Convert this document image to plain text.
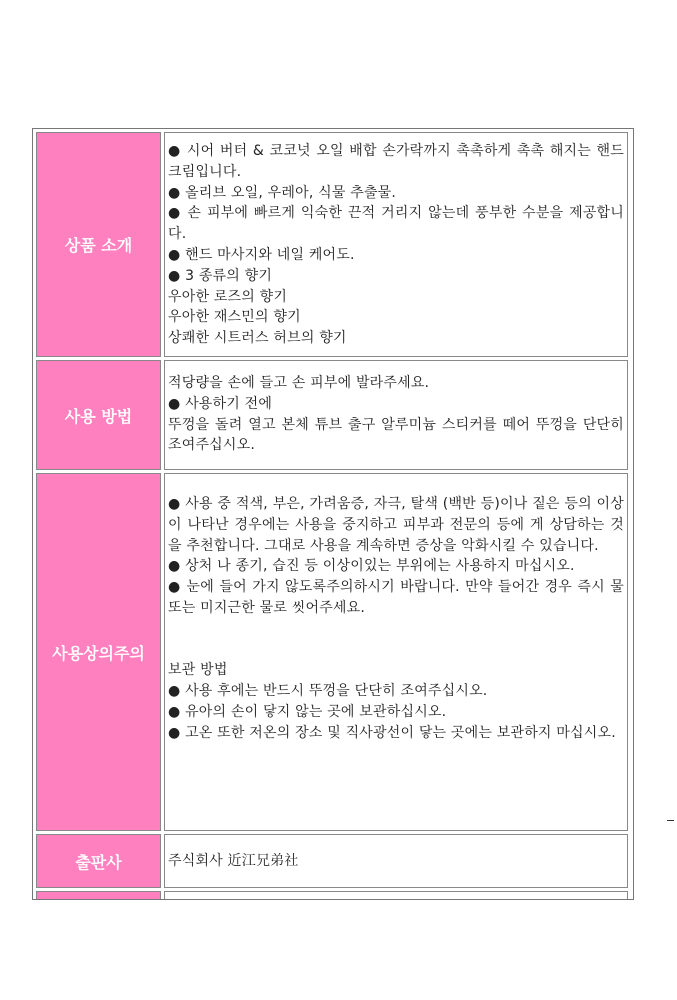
상품 소개

● 시어 버터 & 코코넛 오일 배합 손가락까지 촉촉하게 촉촉 해지는 핸드 크림입니다.

● 올리브 오일, 우레아, 식물 추출물.

● 손 피부에 빠르게 익숙한 끈적 거리지 않는데 풍부한 수분을 제공합니다.

● 핸드 마사지와 네일 케어도.

● 3 종류의 향기

우아한 로즈의 향기

우아한 재스민의 향기

상쾌한 시트러스 허브의 향기

사용 방법

적당량을 손에 들고 손 피부에 발라주세요.

● 사용하기 전에

뚜껑을 돌려 열고 본체 튜브 출구 알루미늄 스티커를 떼어 뚜껑을 단단히 조여주십시오.

사용상의주의

● 사용 중 적색, 부은, 가려움증, 자극, 탈색 (백반 등)이나 짙은 등의 이상이 나타난 경우에는 사용을 중지하고 피부과 전문의 등에 게 상담하는 것을 추천합니다. 그대로 사용을 계속하면 증상을 악화시킬 수 있습니다.

● 상처 나 종기, 습진 등 이상이있는 부위에는 사용하지 마십시오.

● 눈에 들어 가지 않도록주의하시기 바랍니다. 만약 들어간 경우 즉시 물 또는 미지근한 물로 씻어주세요.

보관 방법

● 사용 후에는 반드시 뚜껑을 단단히 조여주십시오.

● 유아의 손이 닿지 않는 곳에 보관하십시오.

● 고온 또한 저온의 장소 및 직사광선이 닿는 곳에는 보관하지 마십시오.

출판사	주식회사 近江兄弟社
